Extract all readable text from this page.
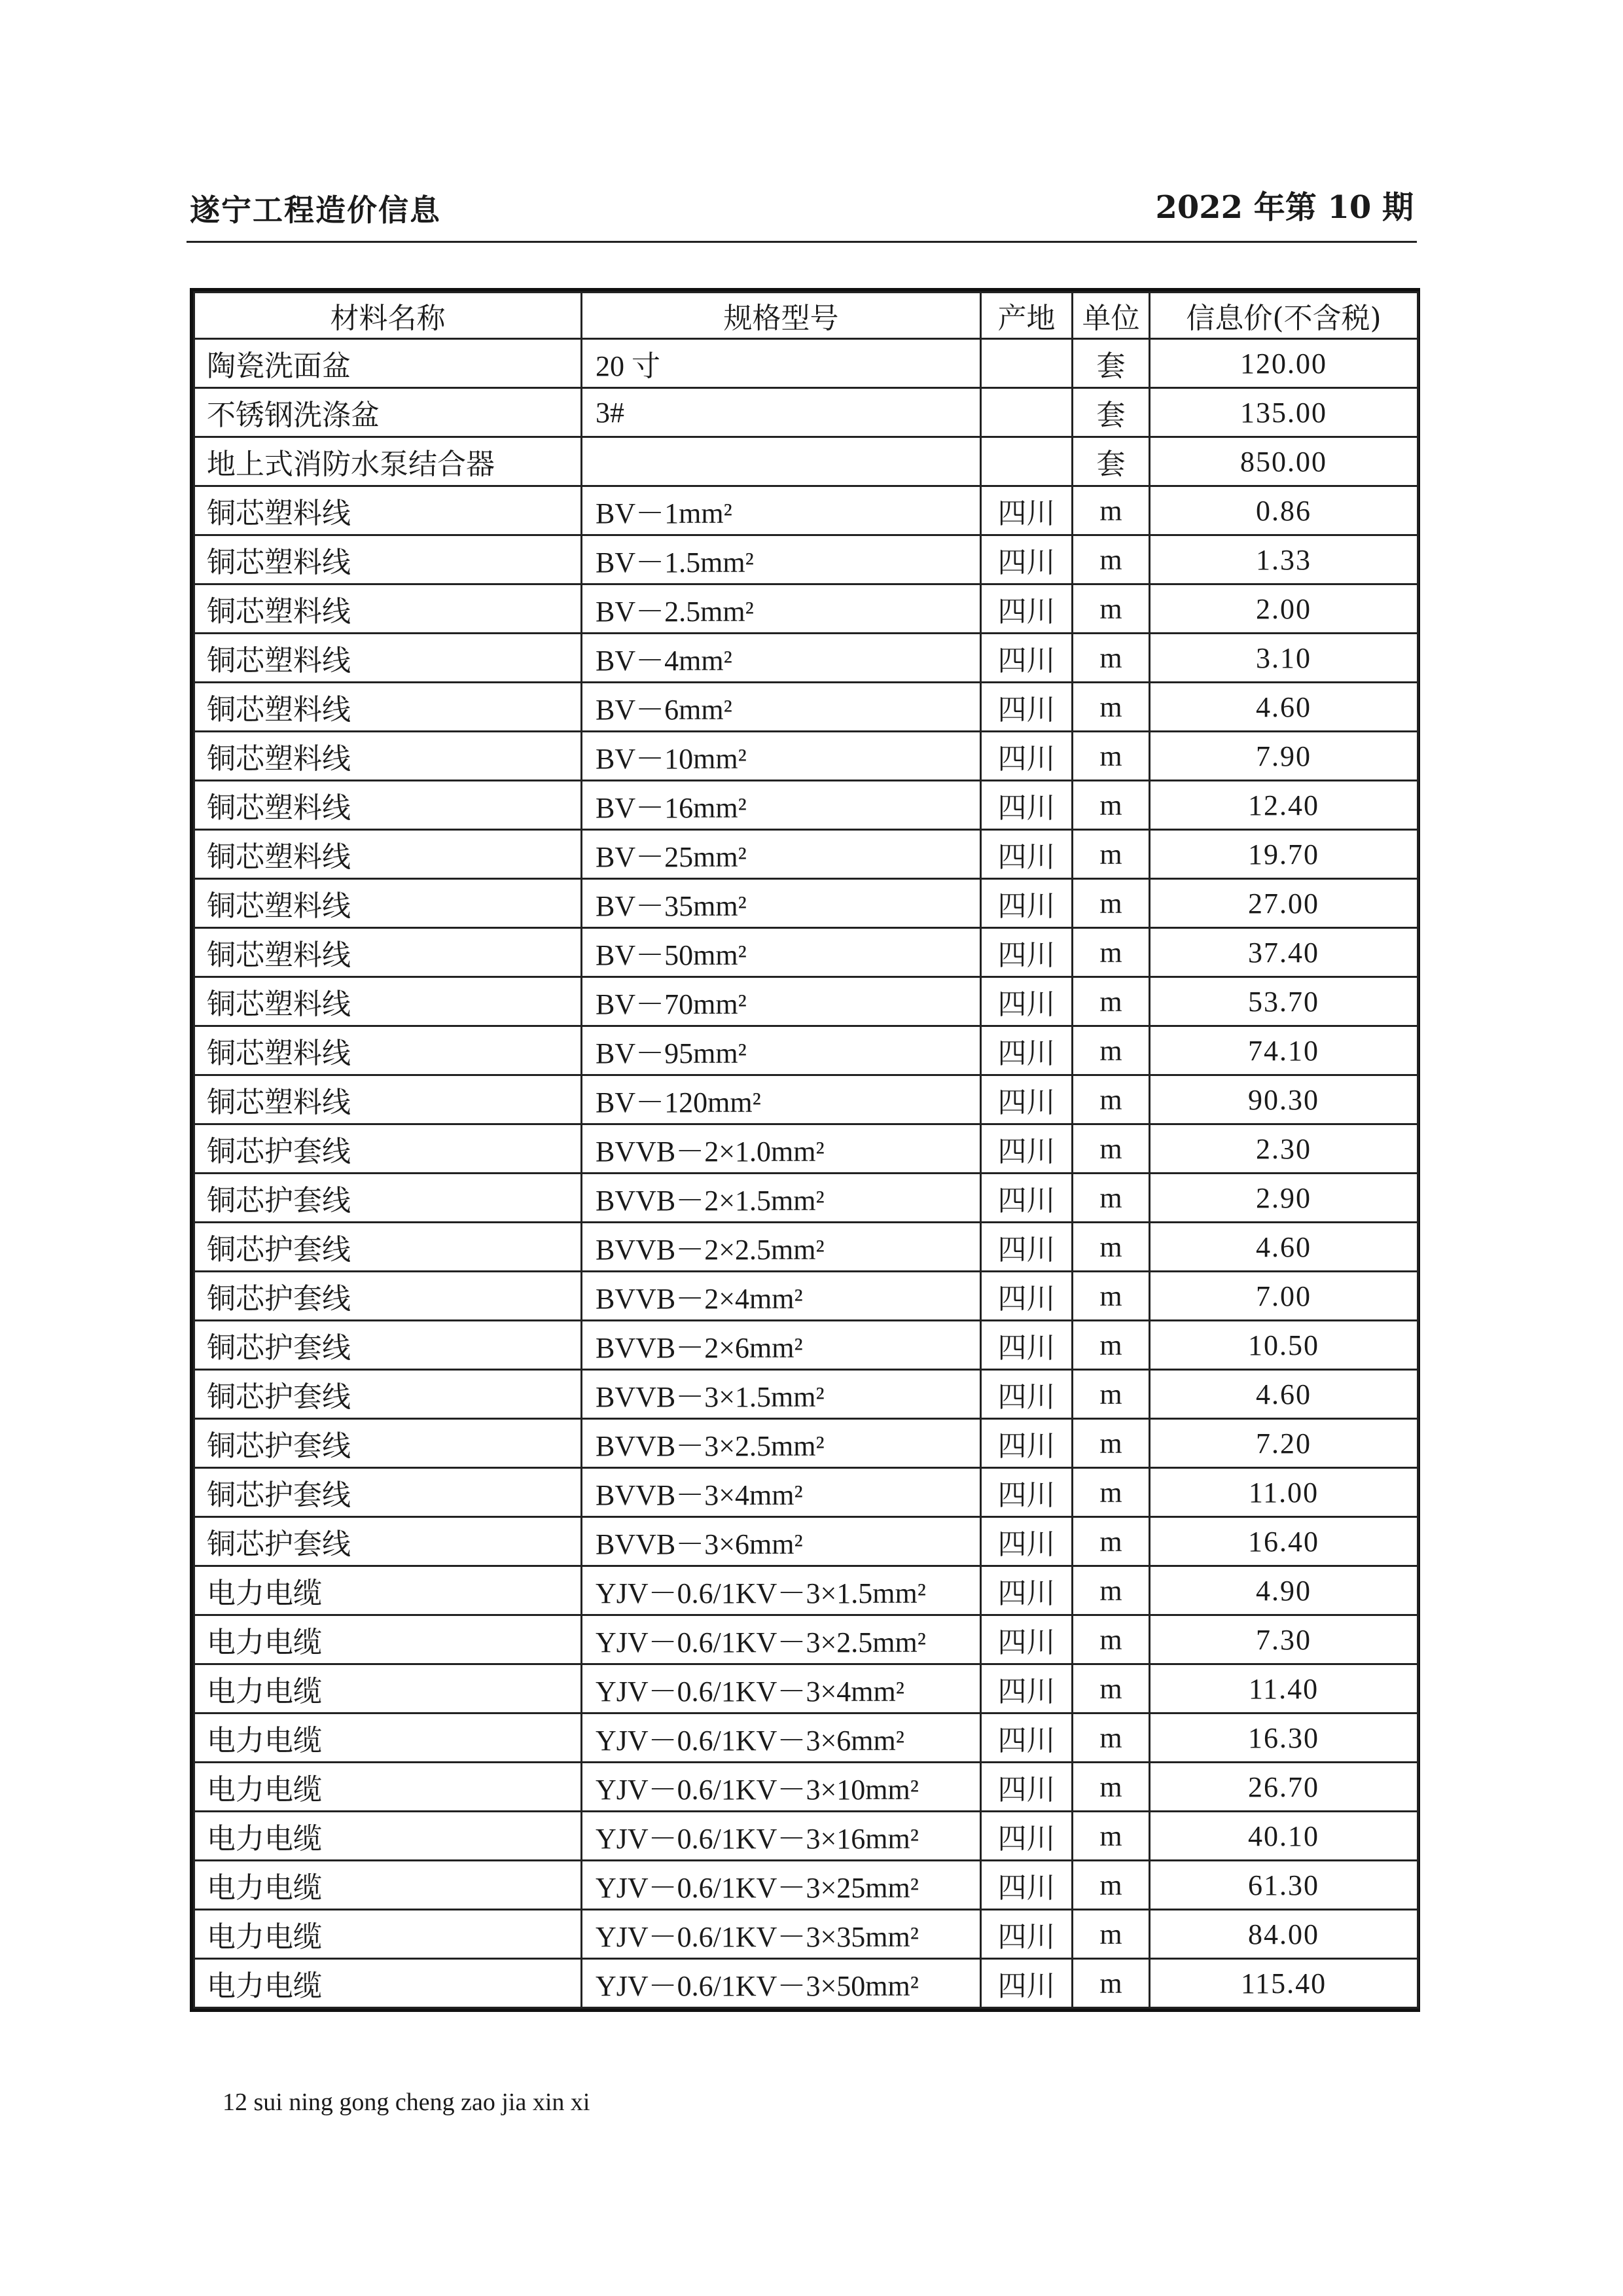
遂宁工程造价信息	2022 年第 10 期
材料名称	规格型号	产地	单位	信息价(不含税)
陶瓷洗面盆	20 寸		套	120.00
不锈钢洗涤盆	3#		套	135.00
地上式消防水泵结合器			套	850.00
铜芯塑料线	BV－1mm²	四川	m	0.86
铜芯塑料线	BV－1.5mm²	四川	m	1.33
铜芯塑料线	BV－2.5mm²	四川	m	2.00
铜芯塑料线	BV－4mm²	四川	m	3.10
铜芯塑料线	BV－6mm²	四川	m	4.60
铜芯塑料线	BV－10mm²	四川	m	7.90
铜芯塑料线	BV－16mm²	四川	m	12.40
铜芯塑料线	BV－25mm²	四川	m	19.70
铜芯塑料线	BV－35mm²	四川	m	27.00
铜芯塑料线	BV－50mm²	四川	m	37.40
铜芯塑料线	BV－70mm²	四川	m	53.70
铜芯塑料线	BV－95mm²	四川	m	74.10
铜芯塑料线	BV－120mm²	四川	m	90.30
铜芯护套线	BVVB－2×1.0mm²	四川	m	2.30
铜芯护套线	BVVB－2×1.5mm²	四川	m	2.90
铜芯护套线	BVVB－2×2.5mm²	四川	m	4.60
铜芯护套线	BVVB－2×4mm²	四川	m	7.00
铜芯护套线	BVVB－2×6mm²	四川	m	10.50
铜芯护套线	BVVB－3×1.5mm²	四川	m	4.60
铜芯护套线	BVVB－3×2.5mm²	四川	m	7.20
铜芯护套线	BVVB－3×4mm²	四川	m	11.00
铜芯护套线	BVVB－3×6mm²	四川	m	16.40
电力电缆	YJV－0.6/1KV－3×1.5mm²	四川	m	4.90
电力电缆	YJV－0.6/1KV－3×2.5mm²	四川	m	7.30
电力电缆	YJV－0.6/1KV－3×4mm²	四川	m	11.40
电力电缆	YJV－0.6/1KV－3×6mm²	四川	m	16.30
电力电缆	YJV－0.6/1KV－3×10mm²	四川	m	26.70
电力电缆	YJV－0.6/1KV－3×16mm²	四川	m	40.10
电力电缆	YJV－0.6/1KV－3×25mm²	四川	m	61.30
电力电缆	YJV－0.6/1KV－3×35mm²	四川	m	84.00
电力电缆	YJV－0.6/1KV－3×50mm²	四川	m	115.40
12 sui ning gong cheng zao jia xin xi
